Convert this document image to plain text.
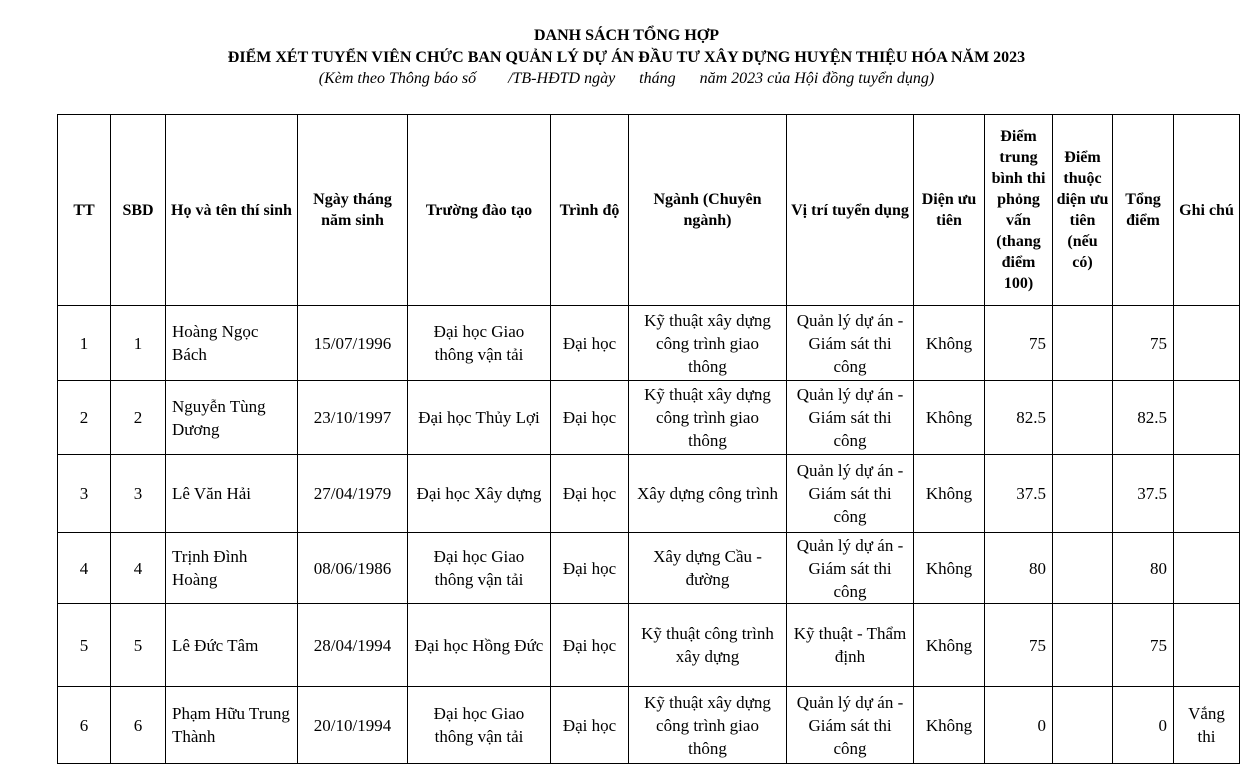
DANH SÁCH TỔNG HỢP
ĐIỂM XÉT TUYỂN VIÊN CHỨC BAN QUẢN LÝ DỰ ÁN ĐẦU TƯ XÂY DỰNG HUYỆN THIỆU HÓA NĂM 2023
(Kèm theo Thông báo số        /TB-HĐTD ngày      tháng      năm 2023 của Hội đồng tuyển dụng)
TT	SBD	Họ và tên thí sinh	Ngày tháng năm sinh	Trường đào tạo	Trình độ	Ngành (Chuyên ngành)	Vị trí tuyển dụng	Diện ưu tiên	Điểm trung bình thi phỏng vấn (thang điểm 100)	Điểm thuộc diện ưu tiên (nếu có)	Tổng điểm	Ghi chú
1	1	Hoàng Ngọc Bách	15/07/1996	Đại học Giao thông vận tải	Đại học	Kỹ thuật xây dựng công trình giao thông	Quản lý dự án - Giám sát thi công	Không	75		75	
2	2	Nguyễn Tùng Dương	23/10/1997	Đại học Thủy Lợi	Đại học	Kỹ thuật xây dựng công trình giao thông	Quản lý dự án - Giám sát thi công	Không	82.5		82.5	
3	3	Lê Văn Hải	27/04/1979	Đại học Xây dựng	Đại học	Xây dựng công trình	Quản lý dự án - Giám sát thi công	Không	37.5		37.5	
4	4	Trịnh Đình Hoàng	08/06/1986	Đại học Giao thông vận tải	Đại học	Xây dựng Cầu - đường	Quản lý dự án - Giám sát thi công	Không	80		80	
5	5	Lê Đức Tâm	28/04/1994	Đại học Hồng Đức	Đại học	Kỹ thuật công trình xây dựng	Kỹ thuật - Thẩm định	Không	75		75	
6	6	Phạm Hữu Trung Thành	20/10/1994	Đại học Giao thông vận tải	Đại học	Kỹ thuật xây dựng công trình giao thông	Quản lý dự án - Giám sát thi công	Không	0		0	Vắng thi
